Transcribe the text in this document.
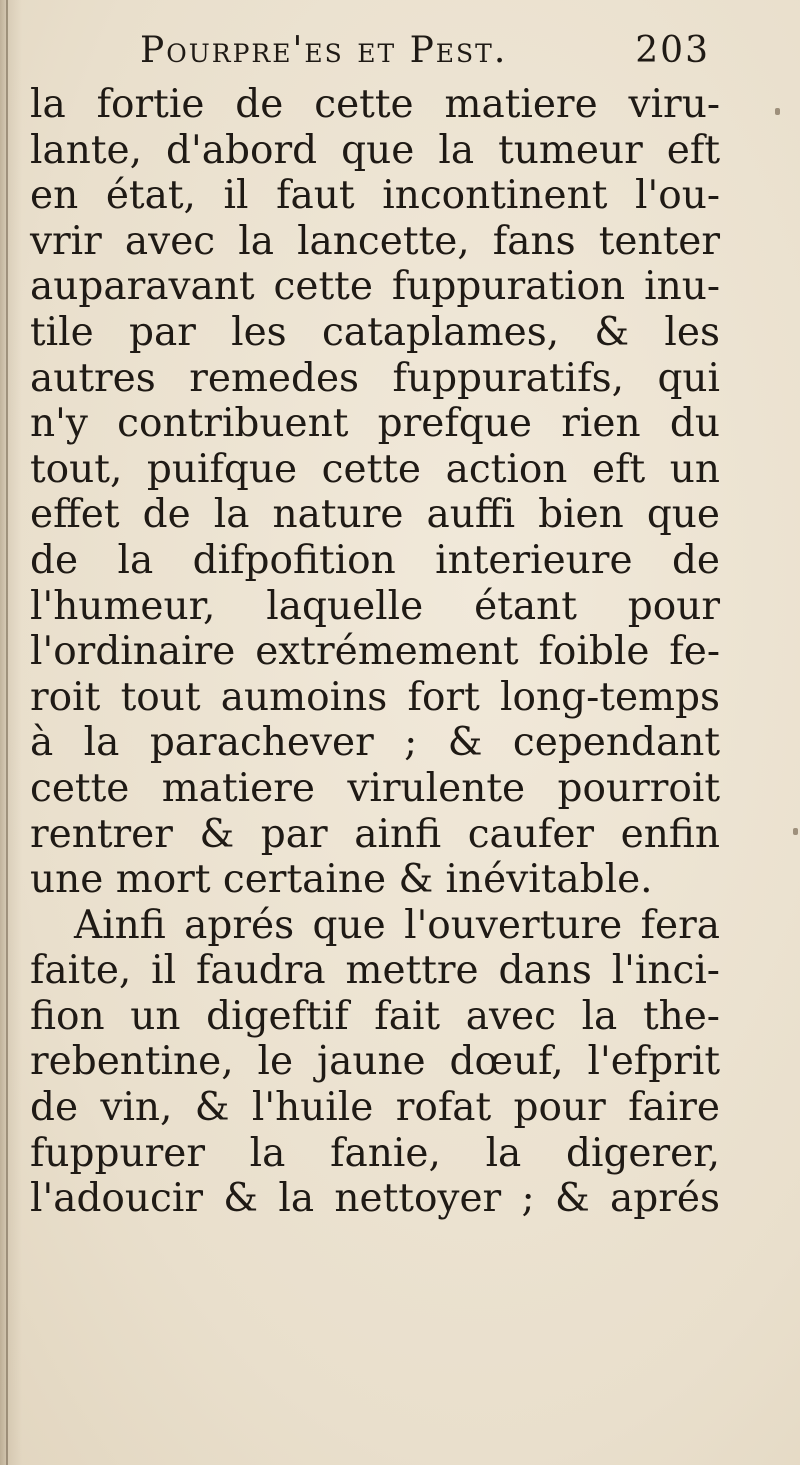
Pourpre'es et Pest.	203
la fortie de cette matiere viru-
lante, d'abord que la tumeur eft
en état, il faut incontinent l'ou-
vrir avec la lancette, fans tenter
auparavant cette fuppuration inu-
tile par les cataplames, & les
autres remedes fuppuratifs, qui
n'y contribuent prefque rien du
tout, puifque cette action eft un
effet de la nature auffi bien que
de la difpofition interieure de
l'humeur, laquelle étant pour
l'ordinaire extrémement foible fe-
roit tout aumoins fort long-temps
à la parachever ; & cependant
cette matiere virulente pourroit
rentrer & par ainfi caufer enfin
une mort certaine & inévitable.
Ainfi aprés que l'ouverture fera
faite, il faudra mettre dans l'inci-
fion un digeftif fait avec la the-
rebentine, le jaune dœuf, l'efprit
de vin, & l'huile rofat pour faire
fuppurer la fanie, la digerer,
l'adoucir & la nettoyer ; & aprés
